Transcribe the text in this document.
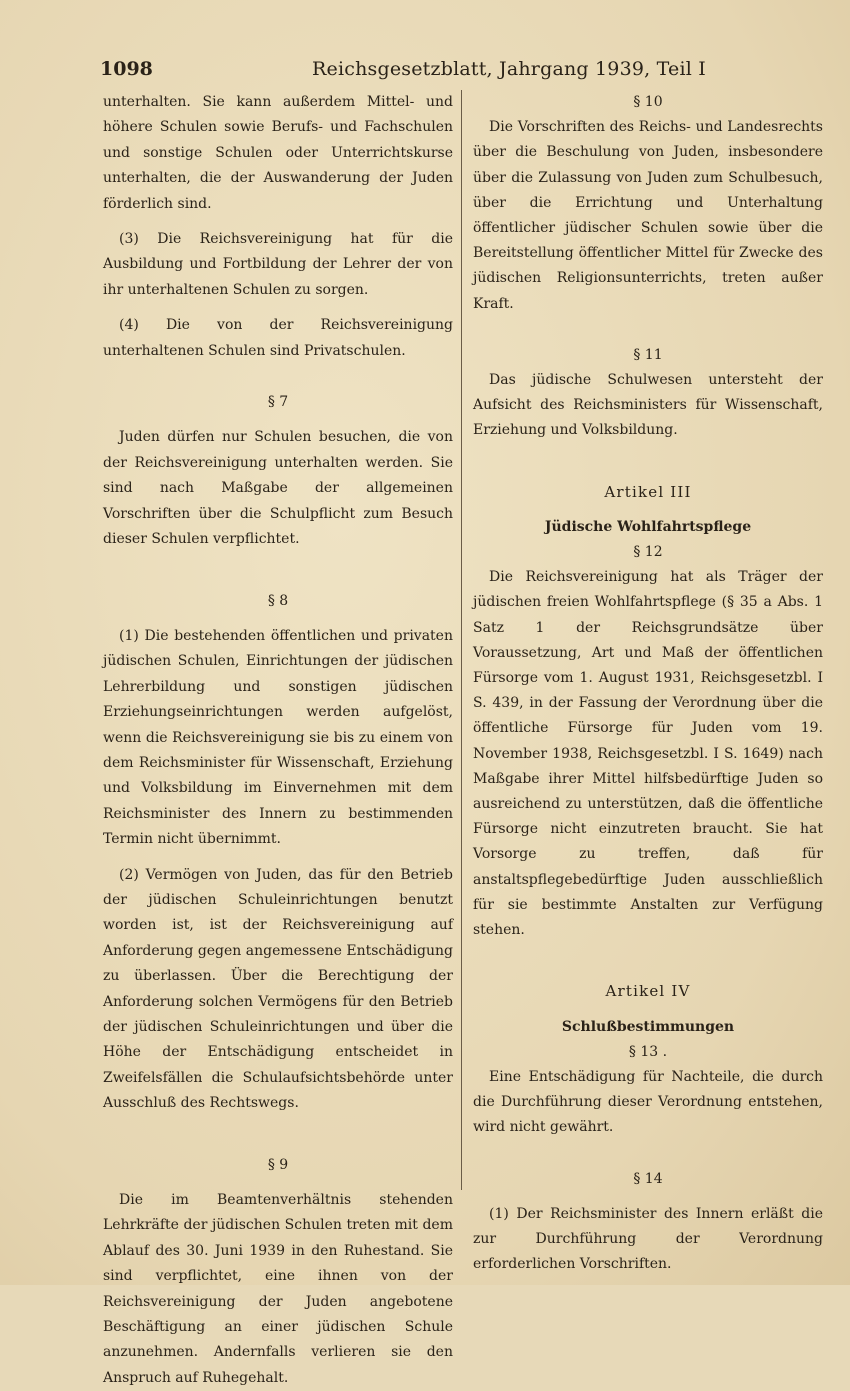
1098	Reichsgesetzblatt, Jahrgang 1939, Teil I

unterhalten. Sie kann außerdem Mittel- und höhere Schulen sowie Berufs- und Fachschulen und sonstige Schulen oder Unterrichtskurse unterhalten, die der Auswanderung der Juden förderlich sind.

(3) Die Reichsvereinigung hat für die Ausbildung und Fortbildung der Lehrer der von ihr unterhaltenen Schulen zu sorgen.

(4) Die von der Reichsvereinigung unterhaltenen Schulen sind Privatschulen.

§ 7

Juden dürfen nur Schulen besuchen, die von der Reichsvereinigung unterhalten werden. Sie sind nach Maßgabe der allgemeinen Vorschriften über die Schulpflicht zum Besuch dieser Schulen verpflichtet.

§ 8

(1) Die bestehenden öffentlichen und privaten jüdischen Schulen, Einrichtungen der jüdischen Lehrerbildung und sonstigen jüdischen Erziehungseinrichtungen werden aufgelöst, wenn die Reichsvereinigung sie bis zu einem von dem Reichsminister für Wissenschaft, Erziehung und Volksbildung im Einvernehmen mit dem Reichsminister des Innern zu bestimmenden Termin nicht übernimmt.

(2) Vermögen von Juden, das für den Betrieb der jüdischen Schuleinrichtungen benutzt worden ist, ist der Reichsvereinigung auf Anforderung gegen angemessene Entschädigung zu überlassen. Über die Berechtigung der Anforderung solchen Vermögens für den Betrieb der jüdischen Schuleinrichtungen und über die Höhe der Entschädigung entscheidet in Zweifelsfällen die Schulaufsichtsbehörde unter Ausschluß des Rechtswegs.

§ 9

Die im Beamtenverhältnis stehenden Lehrkräfte der jüdischen Schulen treten mit dem Ablauf des 30. Juni 1939 in den Ruhestand. Sie sind verpflichtet, eine ihnen von der Reichsvereinigung der Juden angebotene Beschäftigung an einer jüdischen Schule anzunehmen. Andernfalls verlieren sie den Anspruch auf Ruhegehalt.

§ 10

Die Vorschriften des Reichs- und Landesrechts über die Beschulung von Juden, insbesondere über die Zulassung von Juden zum Schulbesuch, über die Errichtung und Unterhaltung öffentlicher jüdischer Schulen sowie über die Bereitstellung öffentlicher Mittel für Zwecke des jüdischen Religionsunterrichts, treten außer Kraft.

§ 11

Das jüdische Schulwesen untersteht der Aufsicht des Reichsministers für Wissenschaft, Erziehung und Volksbildung.

Artikel III

Jüdische Wohlfahrtspflege

§ 12

Die Reichsvereinigung hat als Träger der jüdischen freien Wohlfahrtspflege (§ 35 a Abs. 1 Satz 1 der Reichsgrundsätze über Voraussetzung, Art und Maß der öffentlichen Fürsorge vom 1. August 1931, Reichsgesetzbl. I S. 439, in der Fassung der Verordnung über die öffentliche Fürsorge für Juden vom 19. November 1938, Reichsgesetzbl. I S. 1649) nach Maßgabe ihrer Mittel hilfsbedürftige Juden so ausreichend zu unterstützen, daß die öffentliche Fürsorge nicht einzutreten braucht. Sie hat Vorsorge zu treffen, daß für anstaltspflegebedürftige Juden ausschließlich für sie bestimmte Anstalten zur Verfügung stehen.

Artikel IV

Schlußbestimmungen

§ 13 .

Eine Entschädigung für Nachteile, die durch die Durchführung dieser Verordnung entstehen, wird nicht gewährt.

§ 14

(1) Der Reichsminister des Innern erläßt die zur Durchführung der Verordnung erforderlichen Vorschriften.
